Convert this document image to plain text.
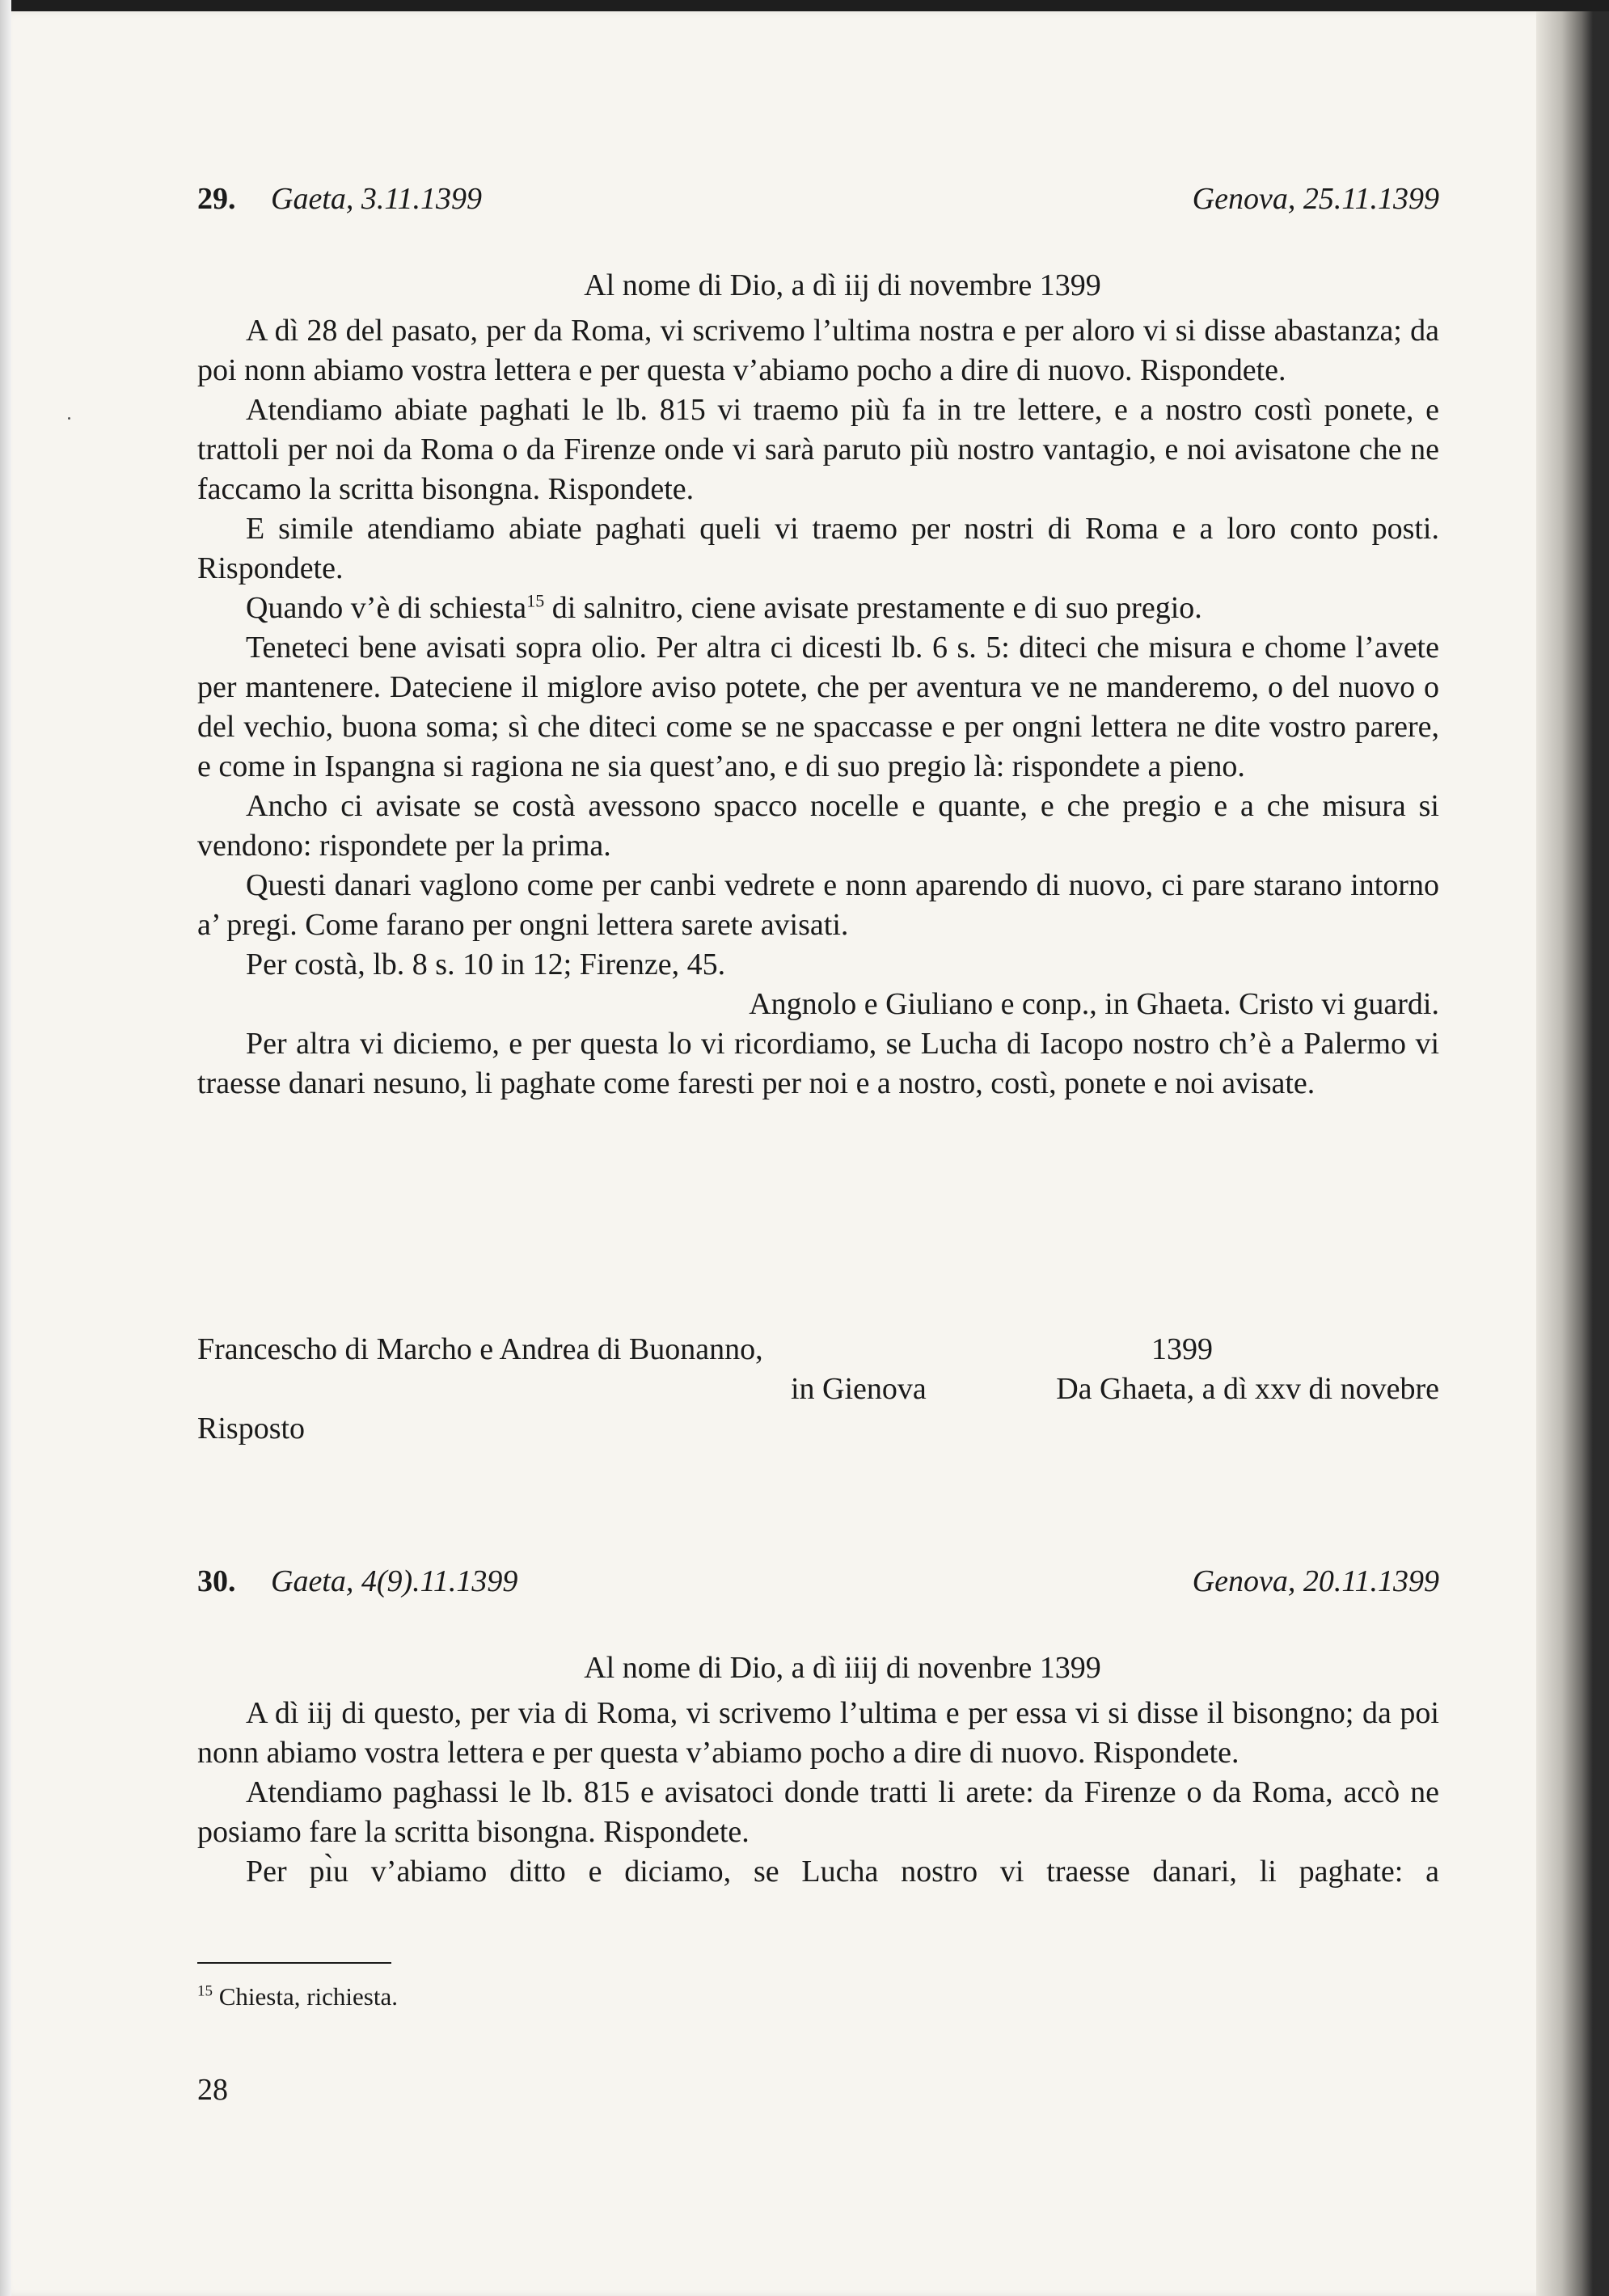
29. Gaeta, 3.11.1399	Genova, 25.11.1399
Al nome di Dio, a dì iij di novembre 1399

A dì 28 del pasato, per da Roma, vi scrivemo l’ultima nostra e per aloro vi si disse abastanza; da poi nonn abiamo vostra lettera e per questa v’abiamo pocho a dire di nuovo. Rispondete.

Atendiamo abiate paghati le lb. 815 vi traemo più fa in tre lettere, e a nostro costì ponete, e trattoli per noi da Roma o da Firenze onde vi sarà paruto più nostro vantagio, e noi avisatone che ne faccamo la scritta bisongna. Rispondete.

E simile atendiamo abiate paghati queli vi traemo per nostri di Roma e a loro conto posti. Rispondete.

Quando v’è di schiesta$^{15}$ di salnitro, ciene avisate prestamente e di suo pregio.

Teneteci bene avisati sopra olio. Per altra ci dicesti lb. 6 s. 5: diteci che misura e chome l’avete per mantenere. Dateciene il miglore aviso potete, che per aventura ve ne manderemo, o del nuovo o del vechio, buona soma; sì che diteci come se ne spaccasse e per ongni lettera ne dite vostro parere, e come in Ispangna si ragiona ne sia quest’ano, e di suo pregio là: rispondete a pieno.

Ancho ci avisate se costà avessono spacco nocelle e quante, e che pregio e a che misura si vendono: rispondete per la prima.

Questi danari vaglono come per canbi vedrete e nonn aparendo di nuovo, ci pare starano intorno a’ pregi. Come farano per ongni lettera sarete avisati.

Per costà, lb. 8 s. 10 in 12; Firenze, 45.

Angnolo e Giuliano e conp., in Ghaeta. Cristo vi guardi.

Per altra vi diciemo, e per questa lo vi ricordiamo, se Lucha di Iacopo nostro ch’è a Palermo vi traesse danari nesuno, li paghate come faresti per noi e a nostro, costì, ponete e noi avisate.

Francescho di Marcho e Andrea di Buonanno,	1399
in Gienova	Da Ghaeta, a dì xxv di novebre
Risposto
30. Gaeta, 4(9).11.1399	Genova, 20.11.1399
Al nome di Dio, a dì iiij di novenbre 1399

A dì iij di questo, per via di Roma, vi scrivemo l’ultima e per essa vi si disse il bisongno; da poi nonn abiamo vostra lettera e per questa v’abiamo pocho a dire di nuovo. Rispondete.

Atendiamo paghassi le lb. 815 e avisatoci donde tratti li arete: da Firenze o da Roma, accò ne posiamo fare la scritta bisongna. Rispondete.

Per pı̀u v’abiamo ditto e diciamo, se Lucha nostro vi traesse danari, li paghate: a

$^{15}$ Chiesta, richiesta.
28
